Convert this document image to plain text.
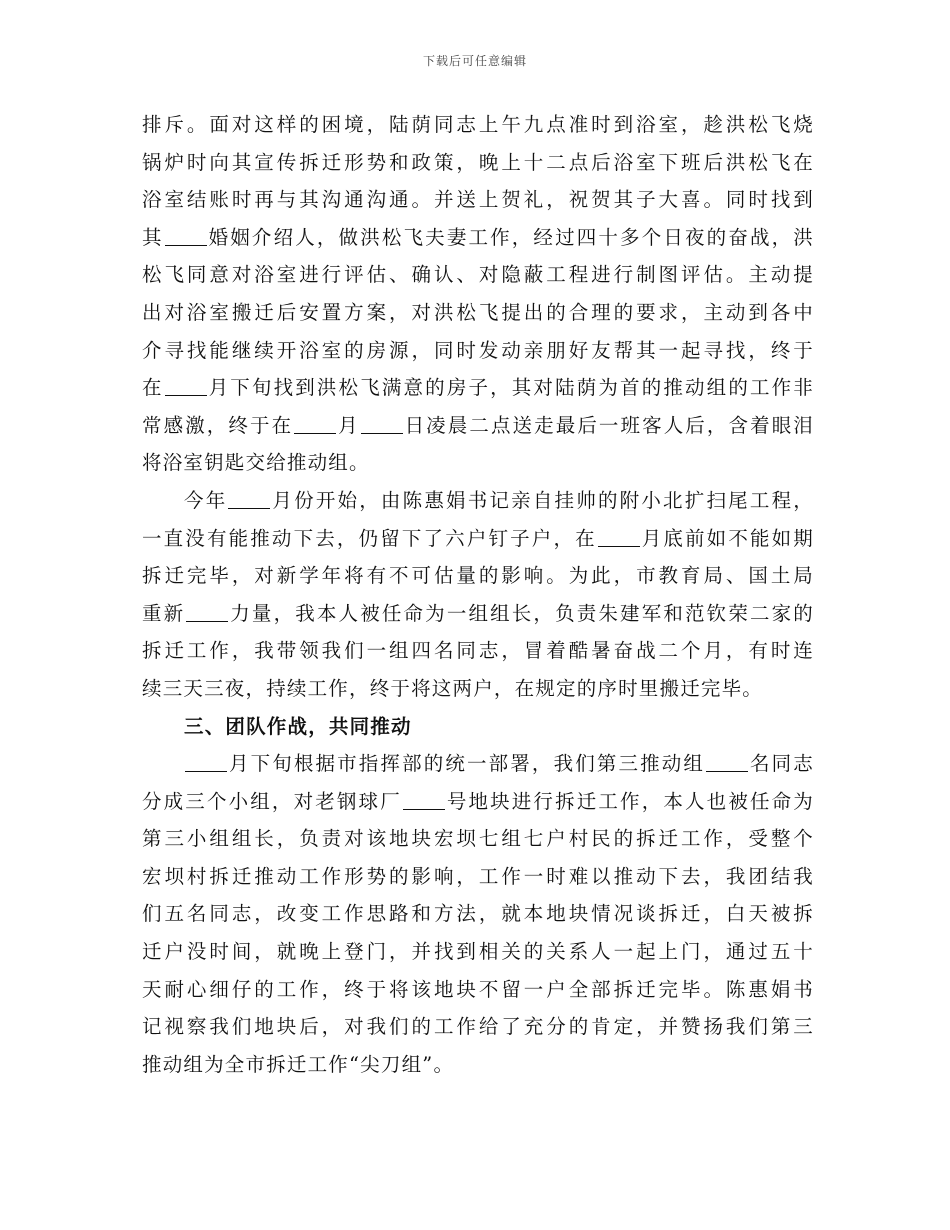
下载后可任意编辑
排斥。面对这样的困境，陆荫同志上午九点准时到浴室，趁洪松飞烧
锅炉时向其宣传拆迁形势和政策，晚上十二点后浴室下班后洪松飞在
浴室结账时再与其沟通沟通。并送上贺礼，祝贺其子大喜。同时找到
其 婚姻介绍人，做洪松飞夫妻工作，经过四十多个日夜的奋战，洪
松飞同意对浴室进行评估、确认、对隐蔽工程进行制图评估。主动提
出对浴室搬迁后安置方案，对洪松飞提出的合理的要求，主动到各中
介寻找能继续开浴室的房源，同时发动亲朋好友帮其一起寻找，终于
在 月下旬找到洪松飞满意的房子，其对陆荫为首的推动组的工作非
常感激，终于在 月 日凌晨二点送走最后一班客人后，含着眼泪
将浴室钥匙交给推动组。
今年 月份开始，由陈惠娟书记亲自挂帅的附小北扩扫尾工程，
一直没有能推动下去，仍留下了六户钉子户，在 月底前如不能如期
拆迁完毕，对新学年将有不可估量的影响。为此，市教育局、国土局
重新 力量，我本人被任命为一组组长，负责朱建军和范钦荣二家的
拆迁工作，我带领我们一组四名同志，冒着酷暑奋战二个月，有时连
续三天三夜，持续工作，终于将这两户，在规定的序时里搬迁完毕。
三、团队作战，共同推动
月下旬根据市指挥部的统一部署，我们第三推动组 名同志
分成三个小组，对老钢球厂 号地块进行拆迁工作，本人也被任命为
第三小组组长，负责对该地块宏坝七组七户村民的拆迁工作，受整个
宏坝村拆迁推动工作形势的影响，工作一时难以推动下去，我团结我
们五名同志，改变工作思路和方法，就本地块情况谈拆迁，白天被拆
迁户没时间，就晚上登门，并找到相关的关系人一起上门，通过五十
天耐心细仔的工作，终于将该地块不留一户全部拆迁完毕。陈惠娟书
记视察我们地块后，对我们的工作给了充分的肯定，并赞扬我们第三
推动组为全市拆迁工作“尖刀组”。
